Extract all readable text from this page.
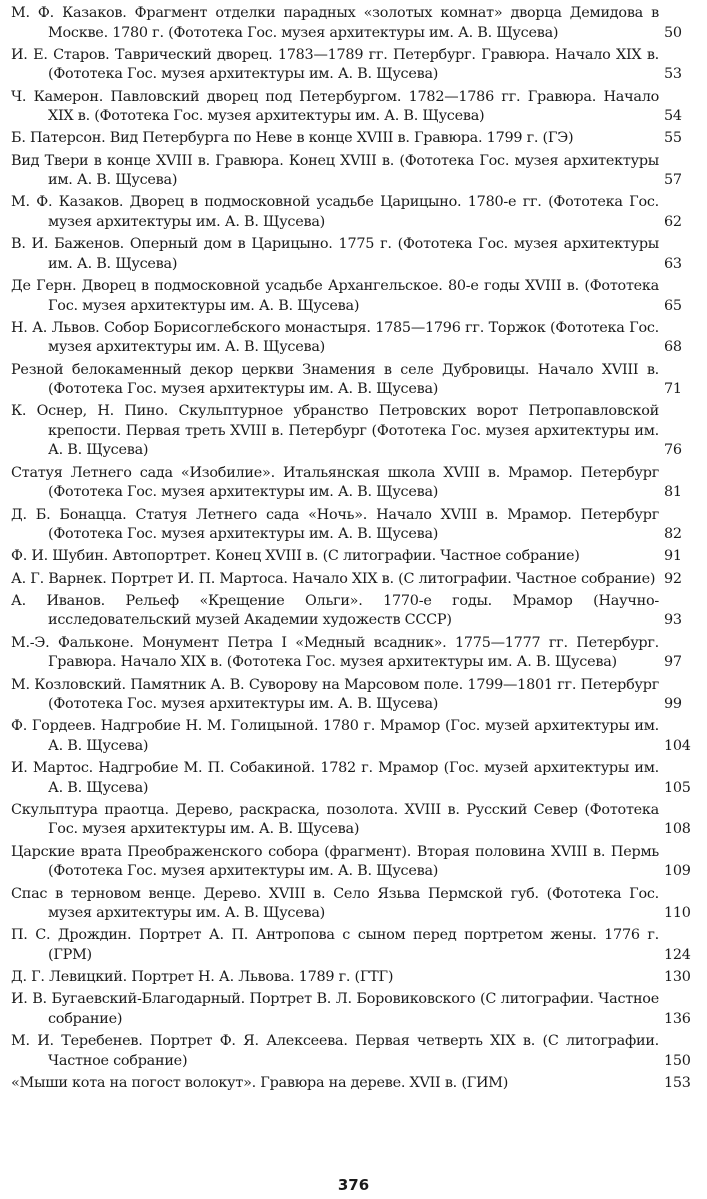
М. Ф. Казаков. Фрагмент отделки парадных «золотых комнат» дворца Демидова в Москве. 1780 г. (Фототека Гос. музея архитектуры им. А. В. Щусева)	50
И. Е. Старов. Таврический дворец. 1783—1789 гг. Петербург. Гравюра. Начало XIX в. (Фототека Гос. музея архитектуры им. А. В. Щусева)	53
Ч. Камерон. Павловский дворец под Петербургом. 1782—1786 гг. Гравюра. Начало XIX в. (Фототека Гос. музея архитектуры им. А. В. Щусева)	54
Б. Патерсон. Вид Петербурга по Неве в конце XVIII в. Гравюра. 1799 г. (ГЭ)	55
Вид Твери в конце XVIII в. Гравюра. Конец XVIII в. (Фототека Гос. музея архитектуры им. А. В. Щусева)	57
М. Ф. Казаков. Дворец в подмосковной усадьбе Царицыно. 1780-е гг. (Фототека Гос. музея архитектуры им. А. В. Щусева)	62
В. И. Баженов. Оперный дом в Царицыно. 1775 г. (Фототека Гос. музея архитектуры им. А. В. Щусева)	63
Де Герн. Дворец в подмосковной усадьбе Архангельское. 80-е годы XVIII в. (Фототека Гос. музея архитектуры им. А. В. Щусева)	65
Н. А. Львов. Собор Борисоглебского монастыря. 1785—1796 гг. Торжок (Фототека Гос. музея архитектуры им. А. В. Щусева)	68
Резной белокаменный декор церкви Знамения в селе Дубровицы. Начало XVIII в. (Фототека Гос. музея архитектуры им. А. В. Щусева)	71
К. Оснер, Н. Пино. Скульптурное убранство Петровских ворот Петропавловской крепости. Первая треть XVIII в. Петербург (Фототека Гос. музея архитектуры им. А. В. Щусева)	76
Статуя Летнего сада «Изобилие». Итальянская школа XVIII в. Мрамор. Петербург (Фототека Гос. музея архитектуры им. А. В. Щусева)	81
Д. Б. Бонацца. Статуя Летнего сада «Ночь». Начало XVIII в. Мрамор. Петербург (Фототека Гос. музея архитектуры им. А. В. Щусева)	82
Ф. И. Шубин. Автопортрет. Конец XVIII в. (С литографии. Частное собрание)	91
А. Г. Варнек. Портрет И. П. Мартоса. Начало XIX в. (С литографии. Частное собрание) 92
А. Иванов. Рельеф «Крещение Ольги». 1770-е годы. Мрамор (Научно-исследовательский музей Академии художеств СССР)	93
М.-Э. Фальконе. Монумент Петра I «Медный всадник». 1775—1777 гг. Петербург. Гравюра. Начало XIX в. (Фототека Гос. музея архитектуры им. А. В. Щусева)	97
М. Козловский. Памятник А. В. Суворову на Марсовом поле. 1799—1801 гг. Петербург (Фототека Гос. музея архитектуры им. А. В. Щусева)	99
Ф. Гордеев. Надгробие Н. М. Голицыной. 1780 г. Мрамор (Гос. музей архитектуры им. А. В. Щусева)	104
И. Мартос. Надгробие М. П. Собакиной. 1782 г. Мрамор (Гос. музей архитектуры им. А. В. Щусева)	105
Скульптура праотца. Дерево, раскраска, позолота. XVIII в. Русский Север (Фототека Гос. музея архитектуры им. А. В. Щусева)	108
Царские врата Преображенского собора (фрагмент). Вторая половина XVIII в. Пермь (Фототека Гос. музея архитектуры им. А. В. Щусева)	109
Спас в терновом венце. Дерево. XVIII в. Село Язьва Пермской губ. (Фототека Гос. музея архитектуры им. А. В. Щусева)	110
П. С. Дрождин. Портрет А. П. Антропова с сыном перед портретом жены. 1776 г. (ГРМ)	124
Д. Г. Левицкий. Портрет Н. А. Львова. 1789 г. (ГТГ)	130
И. В. Бугаевский-Благодарный. Портрет В. Л. Боровиковского (С литографии. Частное собрание)	136
М. И. Теребенев. Портрет Ф. Я. Алексеева. Первая четверть XIX в. (С литографии. Частное собрание)	150
«Мыши кота на погост волокут». Гравюра на дереве. XVII в. (ГИМ)	153
376
